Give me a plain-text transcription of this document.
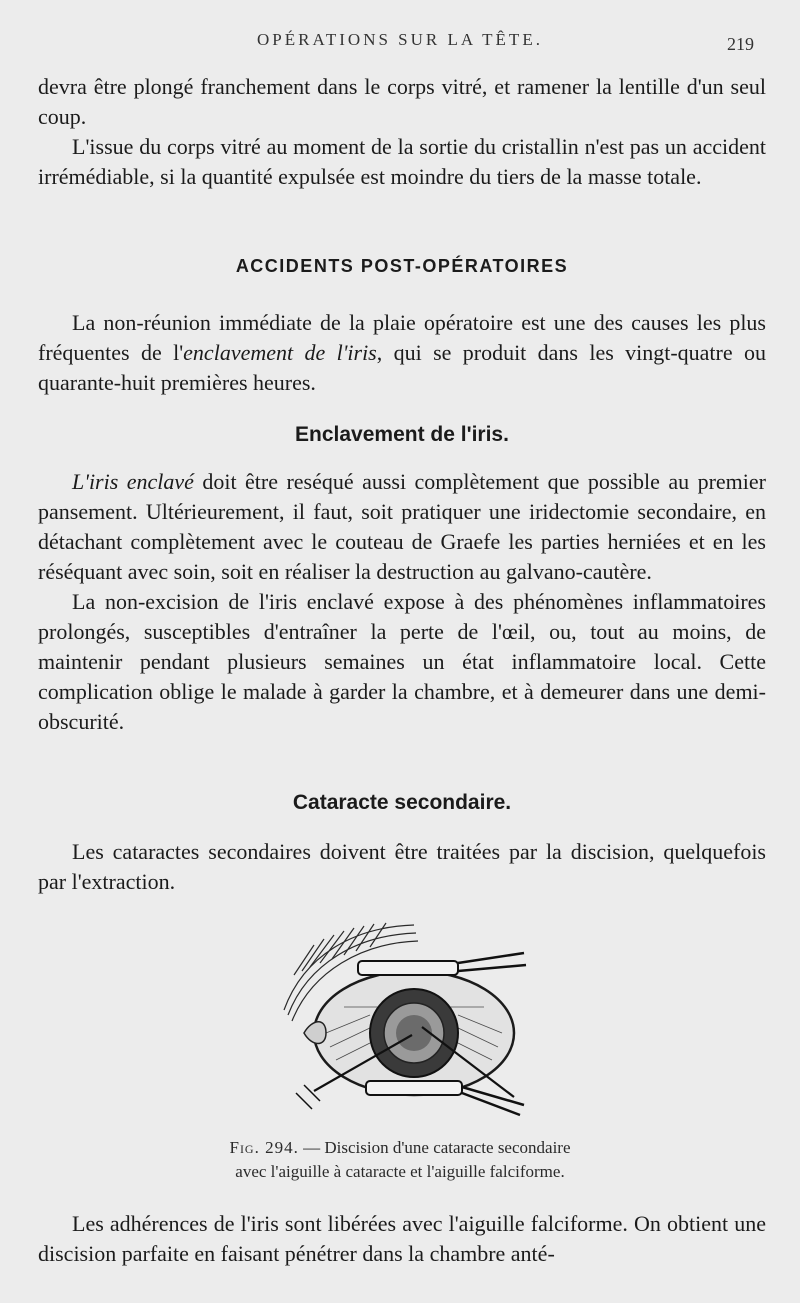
OPÉRATIONS SUR LA TÊTE.	219

devra être plongé franchement dans le corps vitré, et ramener la lentille d'un seul coup.

L'issue du corps vitré au moment de la sortie du cristallin n'est pas un accident irrémédiable, si la quantité expulsée est moindre du tiers de la masse totale.

ACCIDENTS POST-OPÉRATOIRES

La non-réunion immédiate de la plaie opératoire est une des causes les plus fréquentes de l'enclavement de l'iris, qui se produit dans les vingt-quatre ou quarante-huit premières heures.

Enclavement de l'iris.

L'iris enclavé doit être reséqué aussi complètement que possible au premier pansement. Ultérieurement, il faut, soit pratiquer une iridectomie secondaire, en détachant complètement avec le couteau de Graefe les parties herniées et en les réséquant avec soin, soit en réaliser la destruction au galvano-cautère.

La non-excision de l'iris enclavé expose à des phénomènes inflammatoires prolongés, susceptibles d'entraîner la perte de l'œil, ou, tout au moins, de maintenir pendant plusieurs semaines un état inflammatoire local. Cette complication oblige le malade à garder la chambre, et à demeurer dans une demi-obscurité.

Cataracte secondaire.

Les cataractes secondaires doivent être traitées par la discision, quelquefois par l'extraction.

Fig. 294. — Discision d'une cataracte secondaire
avec l'aiguille à cataracte et l'aiguille falciforme.

Les adhérences de l'iris sont libérées avec l'aiguille falciforme. On obtient une discision parfaite en faisant pénétrer dans la chambre anté-
